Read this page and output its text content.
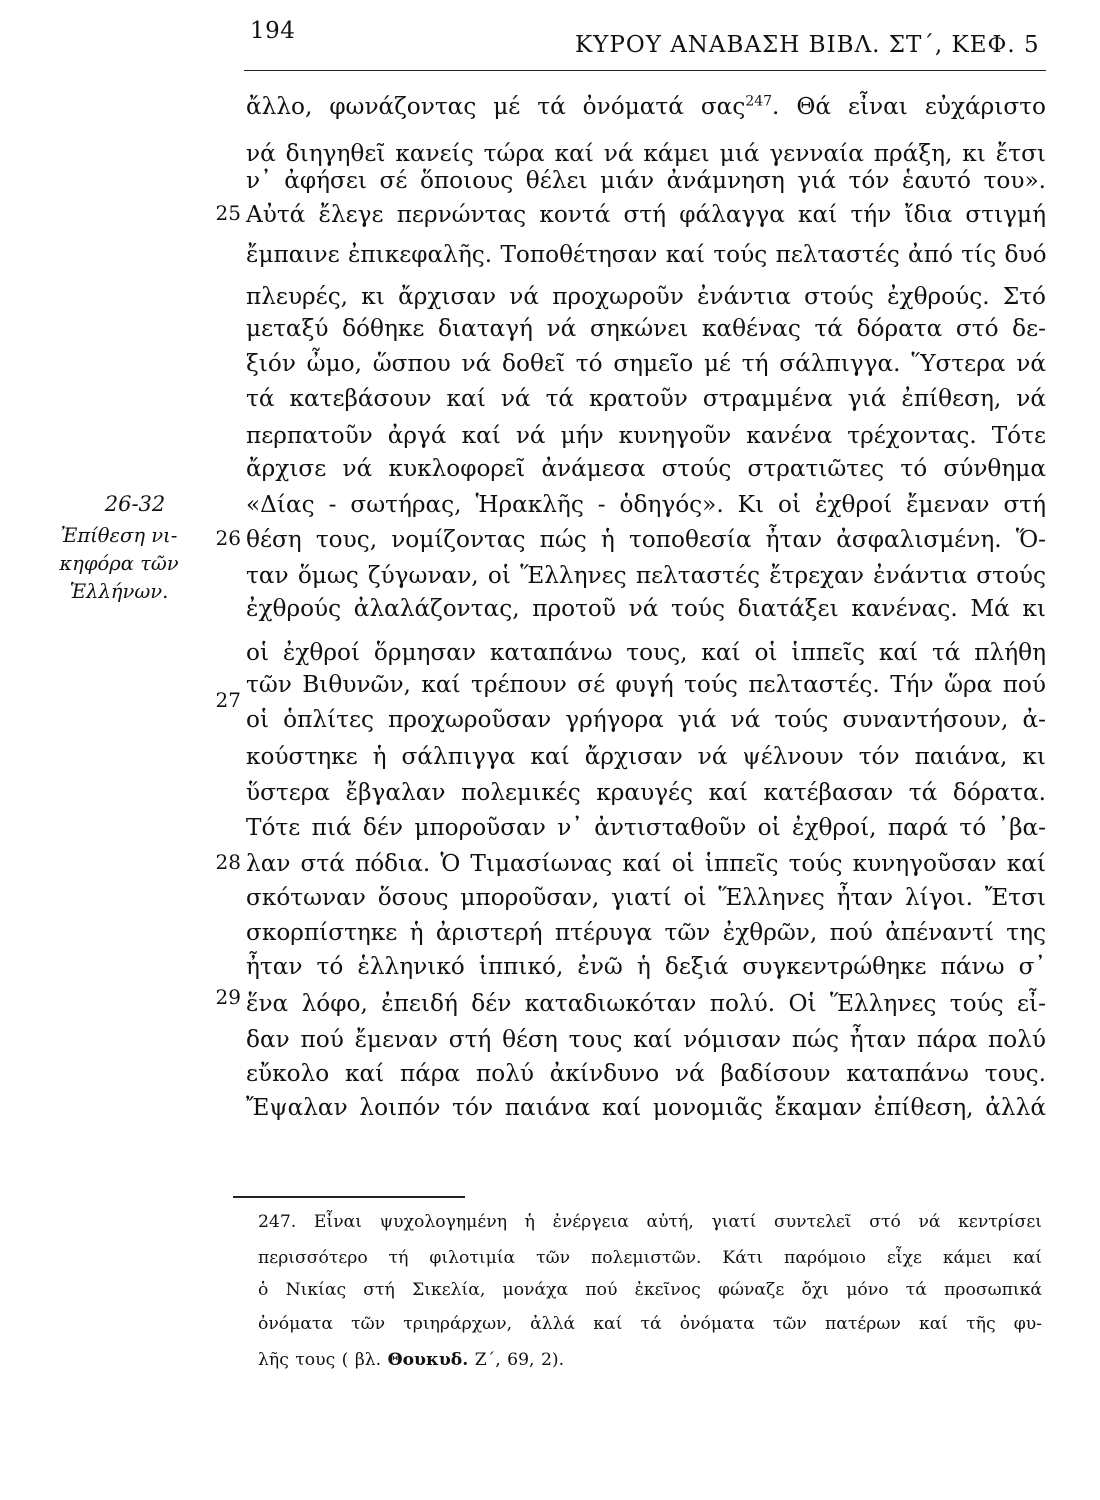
194
ΚΥΡΟΥ ΑΝΑΒΑΣΗ ΒΙΒΛ. ΣΤ΄, ΚΕΦ. 5
26-32
Ἐπίθεση νι-
κηφόρα τῶν
Ἑλλήνων.
25
26
27
28
29
ἄλλο, φωνάζοντας μέ τά ὀνόματά σας$^{247}$. Θά εἶναι εὐχάριστο
νά διηγηθεῖ κανείς τώρα καί νά κάμει μιά γενναία πράξη, κι ἔτσι
ν᾽ ἀφήσει σέ ὅποιους θέλει μιάν ἀνάμνηση γιά τόν ἑαυτό του».
Αὐτά ἔλεγε περνώντας κοντά στή φάλαγγα καί τήν ἴδια στιγμή
ἔμπαινε ἐπικεφαλῆς. Τοποθέτησαν καί τούς πελταστές ἀπό τίς δυό
πλευρές, κι ἄρχισαν νά προχωροῦν ἐνάντια στούς ἐχθρούς. Στό
μεταξύ δόθηκε διαταγή νά σηκώνει καθένας τά δόρατα στό δε-
ξιόν ὦμο, ὥσπου νά δοθεῖ τό σημεῖο μέ τή σάλπιγγα. Ὕστερα νά
τά κατεβάσουν καί νά τά κρατοῦν στραμμένα γιά ἐπίθεση, νά
περπατοῦν ἀργά καί νά μήν κυνηγοῦν κανένα τρέχοντας. Τότε
ἄρχισε νά κυκλοφορεῖ ἀνάμεσα στούς στρατιῶτες τό σύνθημα
«Δίας - σωτήρας, Ἡρακλῆς - ὁδηγός». Κι οἱ ἐχθροί ἔμεναν στή
θέση τους, νομίζοντας πώς ἡ τοποθεσία ἦταν ἀσφαλισμένη. Ὅ-
ταν ὅμως ζύγωναν, οἱ Ἕλληνες πελταστές ἔτρεχαν ἐνάντια στούς
ἐχθρούς ἀλαλάζοντας, προτοῦ νά τούς διατάξει κανένας. Μά κι
οἱ ἐχθροί ὅρμησαν καταπάνω τους, καί οἱ ἱππεῖς καί τά πλήθη
τῶν Βιθυνῶν, καί τρέπουν σέ φυγή τούς πελταστές. Τήν ὥρα πού
οἱ ὁπλίτες προχωροῦσαν γρήγορα γιά νά τούς συναντήσουν, ἀ-
κούστηκε ἡ σάλπιγγα καί ἄρχισαν νά ψέλνουν τόν παιάνα, κι
ὕστερα ἔβγαλαν πολεμικές κραυγές καί κατέβασαν τά δόρατα.
Τότε πιά δέν μποροῦσαν ν᾽ ἀντισταθοῦν οἱ ἐχθροί, παρά τό ᾽βα-
λαν στά πόδια. Ὁ Τιμασίωνας καί οἱ ἱππεῖς τούς κυνηγοῦσαν καί
σκότωναν ὅσους μποροῦσαν, γιατί οἱ Ἕλληνες ἦταν λίγοι. Ἔτσι
σκορπίστηκε ἡ ἀριστερή πτέρυγα τῶν ἐχθρῶν, πού ἀπέναντί της
ἦταν τό ἑλληνικό ἱππικό, ἐνῶ ἡ δεξιά συγκεντρώθηκε πάνω σ᾽
ἕνα λόφο, ἐπειδή δέν καταδιωκόταν πολύ. Οἱ Ἕλληνες τούς εἶ-
δαν πού ἔμεναν στή θέση τους καί νόμισαν πώς ἦταν πάρα πολύ
εὔκολο καί πάρα πολύ ἀκίνδυνο νά βαδίσουν καταπάνω τους.
Ἔψαλαν λοιπόν τόν παιάνα καί μονομιᾶς ἔκαμαν ἐπίθεση, ἀλλά
247. Εἶναι ψυχολογημένη ἡ ἐνέργεια αὐτή, γιατί συντελεῖ στό νά κεντρίσει
περισσότερο τή φιλοτιμία τῶν πολεμιστῶν. Κάτι παρόμοιο εἶχε κάμει καί
ὁ Νικίας στή Σικελία, μονάχα πού ἐκεῖνος φώναζε ὄχι μόνο τά προσωπικά
ὀνόματα τῶν τριηράρχων, ἀλλά καί τά ὀνόματα τῶν πατέρων καί τῆς φυ-
λῆς τους ( βλ. Θουκυδ. Ζ΄, 69, 2).
